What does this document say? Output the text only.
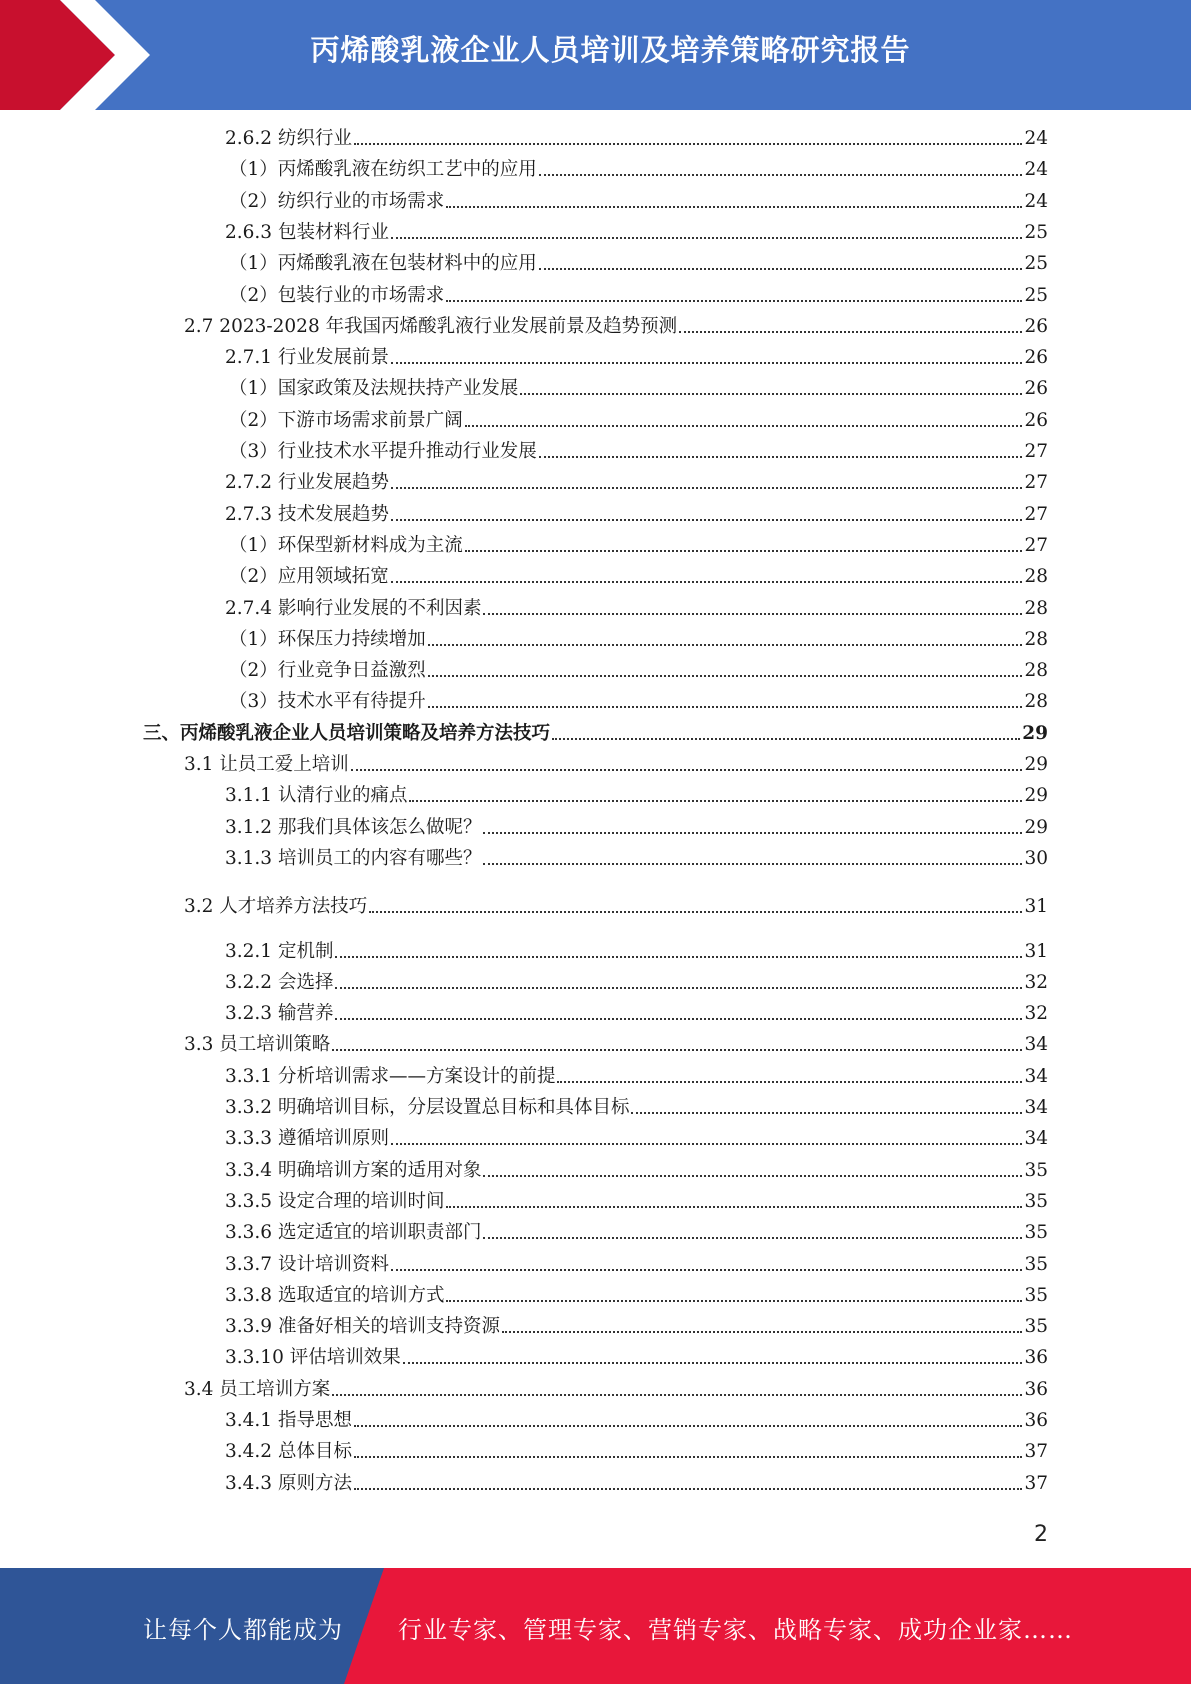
丙烯酸乳液企业人员培训及培养策略研究报告
2.6.2 纺织行业	24
（1）丙烯酸乳液在纺织工艺中的应用	24
（2）纺织行业的市场需求	24
2.6.3 包装材料行业	25
（1）丙烯酸乳液在包装材料中的应用	25
（2）包装行业的市场需求	25
2.7 2023-2028 年我国丙烯酸乳液行业发展前景及趋势预测	26
2.7.1 行业发展前景	26
（1）国家政策及法规扶持产业发展	26
（2）下游市场需求前景广阔	26
（3）行业技术水平提升推动行业发展	27
2.7.2 行业发展趋势	27
2.7.3 技术发展趋势	27
（1）环保型新材料成为主流	27
（2）应用领域拓宽	28
2.7.4 影响行业发展的不利因素	28
（1）环保压力持续增加	28
（2）行业竞争日益激烈	28
（3）技术水平有待提升	28
三、丙烯酸乳液企业人员培训策略及培养方法技巧	29
3.1 让员工爱上培训	29
3.1.1 认清行业的痛点	29
3.1.2 那我们具体该怎么做呢？	29
3.1.3 培训员工的内容有哪些？	30
3.2 人才培养方法技巧	31
3.2.1 定机制	31
3.2.2 会选择	32
3.2.3 输营养	32
3.3 员工培训策略	34
3.3.1 分析培训需求——方案设计的前提	34
3.3.2 明确培训目标，分层设置总目标和具体目标	34
3.3.3 遵循培训原则	34
3.3.4 明确培训方案的适用对象	35
3.3.5 设定合理的培训时间	35
3.3.6 选定适宜的培训职责部门	35
3.3.7 设计培训资料	35
3.3.8 选取适宜的培训方式	35
3.3.9 准备好相关的培训支持资源	35
3.3.10 评估培训效果	36
3.4 员工培训方案	36
3.4.1 指导思想	36
3.4.2 总体目标	37
3.4.3 原则方法	37
2
让每个人都能成为 行业专家、管理专家、营销专家、战略专家、成功企业家……
